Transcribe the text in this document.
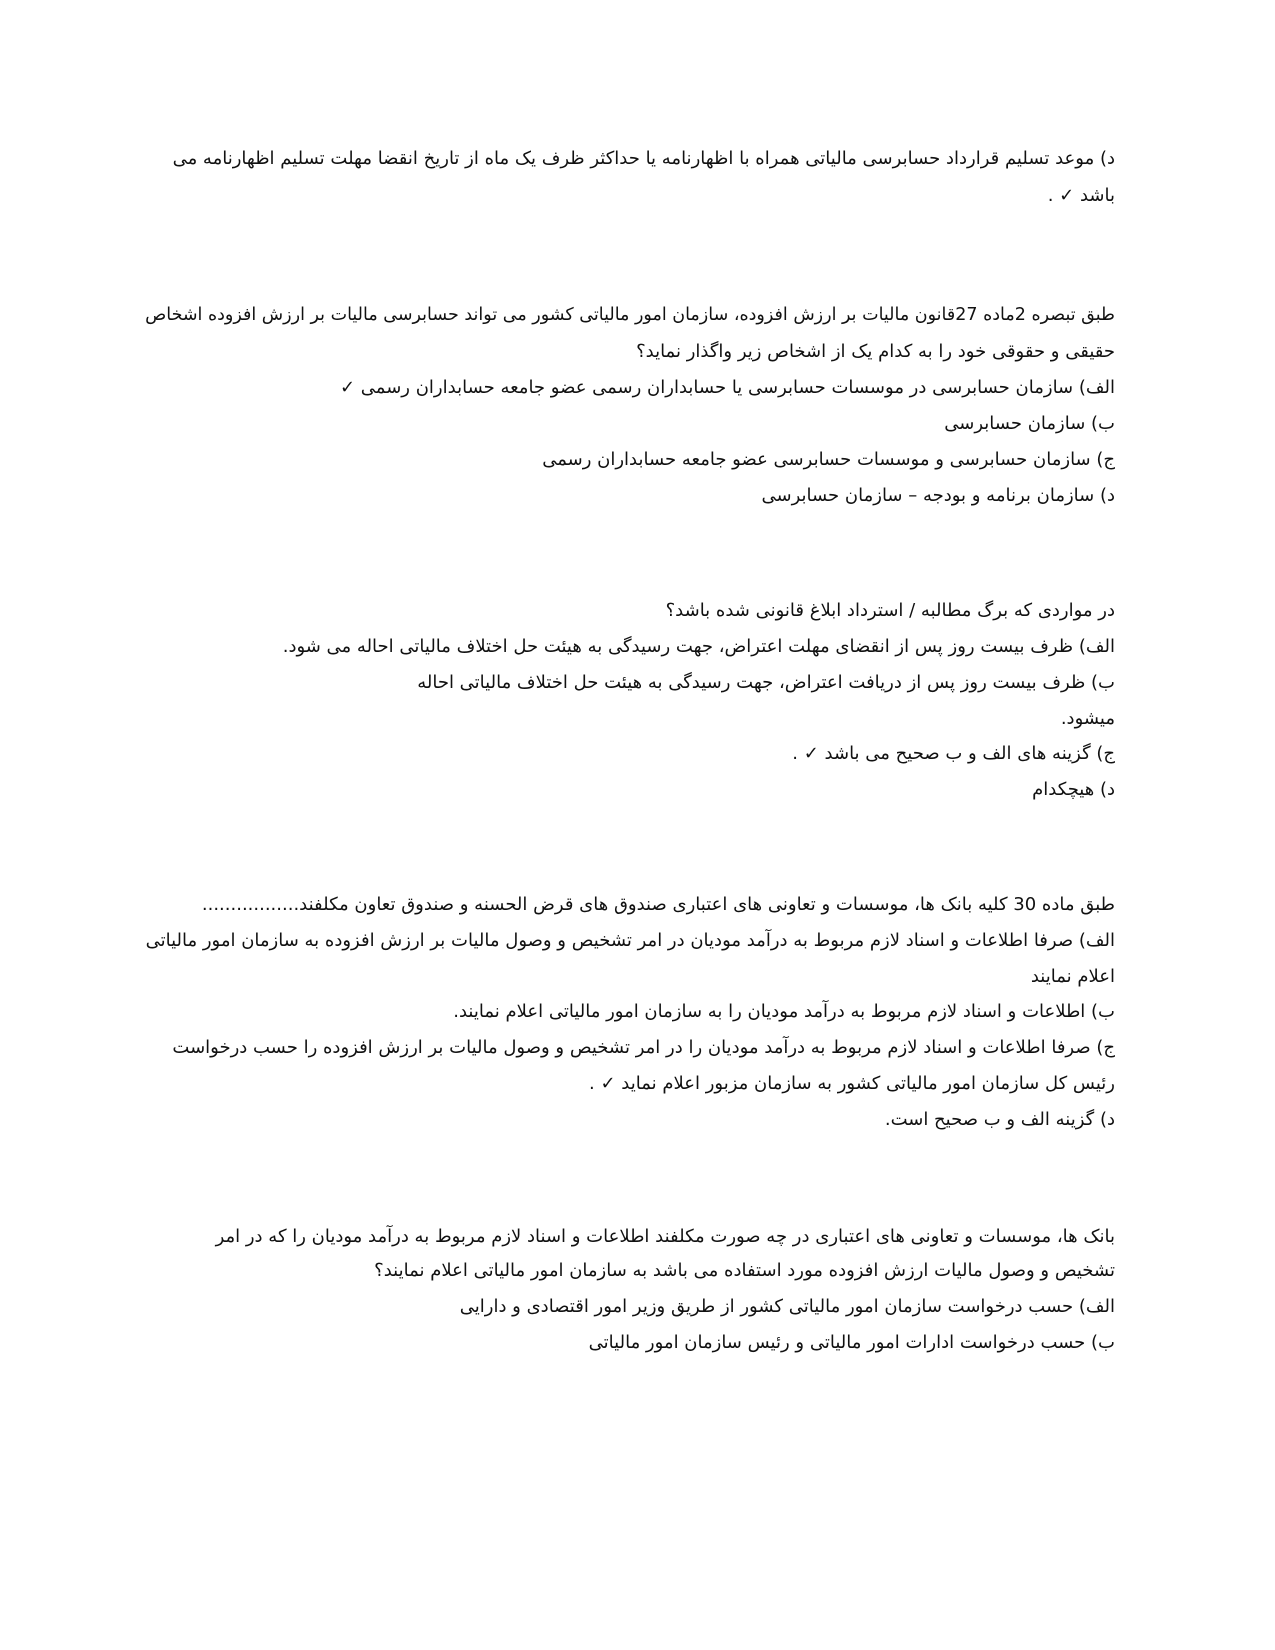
د) موعد تسلیم قرارداد حسابرسی مالیاتی همراه با اظهارنامه یا حداکثر ظرف یک ماه از تاریخ انقضا مهلت تسلیم اظهارنامه می
باشد ✓ .
طبق تبصره 2ماده 27قانون مالیات بر ارزش افزوده، سازمان امور مالیاتی کشور می تواند حسابرسی مالیات بر ارزش افزوده اشخاص
حقیقی و حقوقی خود را به کدام یک از اشخاص زیر واگذار نماید؟
الف) سازمان حسابرسی در موسسات حسابرسی یا حسابداران رسمی عضو جامعه حسابداران رسمی ✓
ب) سازمان حسابرسی
ج) سازمان حسابرسی و موسسات حسابرسی عضو جامعه حسابداران رسمی
د) سازمان برنامه و بودجه – سازمان حسابرسی
در مواردی که برگ مطالبه / استرداد ابلاغ قانونی شده باشد؟
الف) ظرف بیست روز پس از انقضای مهلت اعتراض، جهت رسیدگی به هیئت حل اختلاف مالیاتی احاله می شود.
ب) ظرف بیست روز پس از دریافت اعتراض، جهت رسیدگی به هیئت حل اختلاف مالیاتی احاله
میشود.
ج) گزینه های الف و ب صحیح می باشد ✓ .
د) هیچکدام
طبق ماده 30 کلیه بانک ها، موسسات و تعاونی های اعتباری صندوق های قرض الحسنه و صندوق تعاون مکلفند.................
الف) صرفا اطلاعات و اسناد لازم مربوط به درآمد مودیان در امر تشخیص و وصول مالیات بر ارزش افزوده به سازمان امور مالیاتی
اعلام نمایند
ب) اطلاعات و اسناد لازم مربوط به درآمد مودیان را به سازمان امور مالیاتی اعلام نمایند.
ج) صرفا اطلاعات و اسناد لازم مربوط به درآمد مودیان را در امر تشخیص و وصول مالیات بر ارزش افزوده را حسب درخواست
رئیس کل سازمان امور مالیاتی کشور به سازمان مزبور اعلام نماید ✓ .
د) گزینه الف و ب صحیح است.
بانک ها، موسسات و تعاونی های اعتباری در چه صورت مکلفند اطلاعات و اسناد لازم مربوط به درآمد مودیان را که در امر
تشخیص و وصول مالیات ارزش افزوده مورد استفاده می باشد به سازمان امور مالیاتی اعلام نمایند؟
الف) حسب درخواست سازمان امور مالیاتی کشور از طریق وزیر امور اقتصادی و دارایی
ب) حسب درخواست ادارات امور مالیاتی و رئیس سازمان امور مالیاتی
